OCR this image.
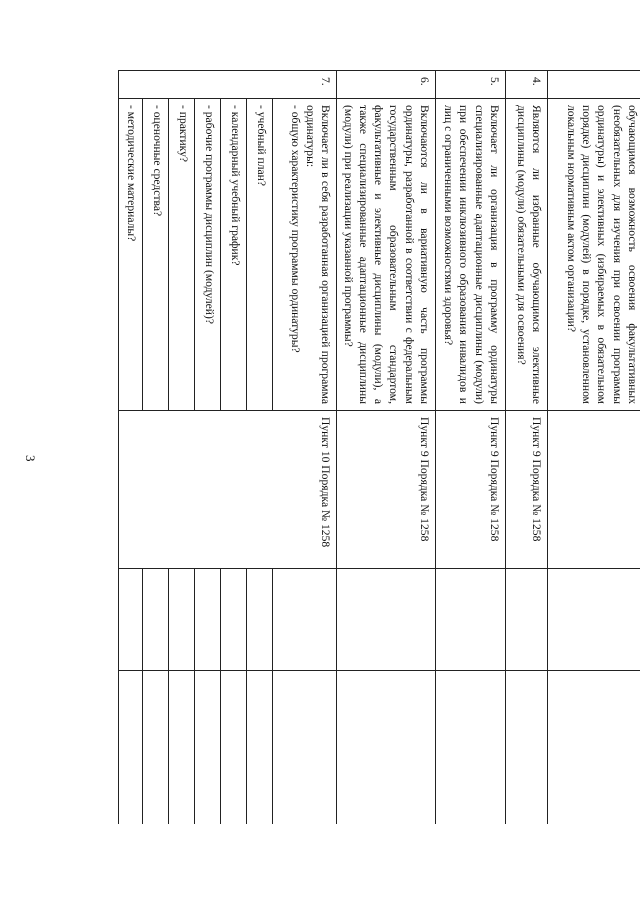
3
	обучающимся возможность освоения факультативных (необязательных для изучения при освоении программы ординатуры) и элективных (избираемых в обязательном порядке) дисциплин (модулей) в порядке, установленном локальным нормативным актом организации?			
4.	Являются ли избранные обучающимся элективные дисциплины (модули) обязательными для освоения?	Пункт 9 Порядка № 1258		
5.	Включает ли организация в программу ординатуры специализированные адаптационные дисциплины (модули) при обеспечении инклюзивного образования инвалидов и лиц с ограниченными возможностями здоровья?	Пункт 9 Порядка № 1258		
6.	Включаются ли в вариативную часть программы ординатуры, разработанной в соответствии с федеральным государственным образовательным стандартом, факультативные и элективные дисциплины (модули), а также специализированные адаптационные дисциплины (модули) при реализации указанной программы?	Пункт 9 Порядка № 1258		
7.	Включает ли в себя разработанная организацией программа ординатуры:
- общую характеристику программы ординатуры?	Пункт 10 Порядка № 1258		
	- учебный план?			
	- календарный учебный график?			
	- рабочие программы дисциплин (модулей)?			
	- практику?			
	- оценочные средства?			
	- методические материалы?			
